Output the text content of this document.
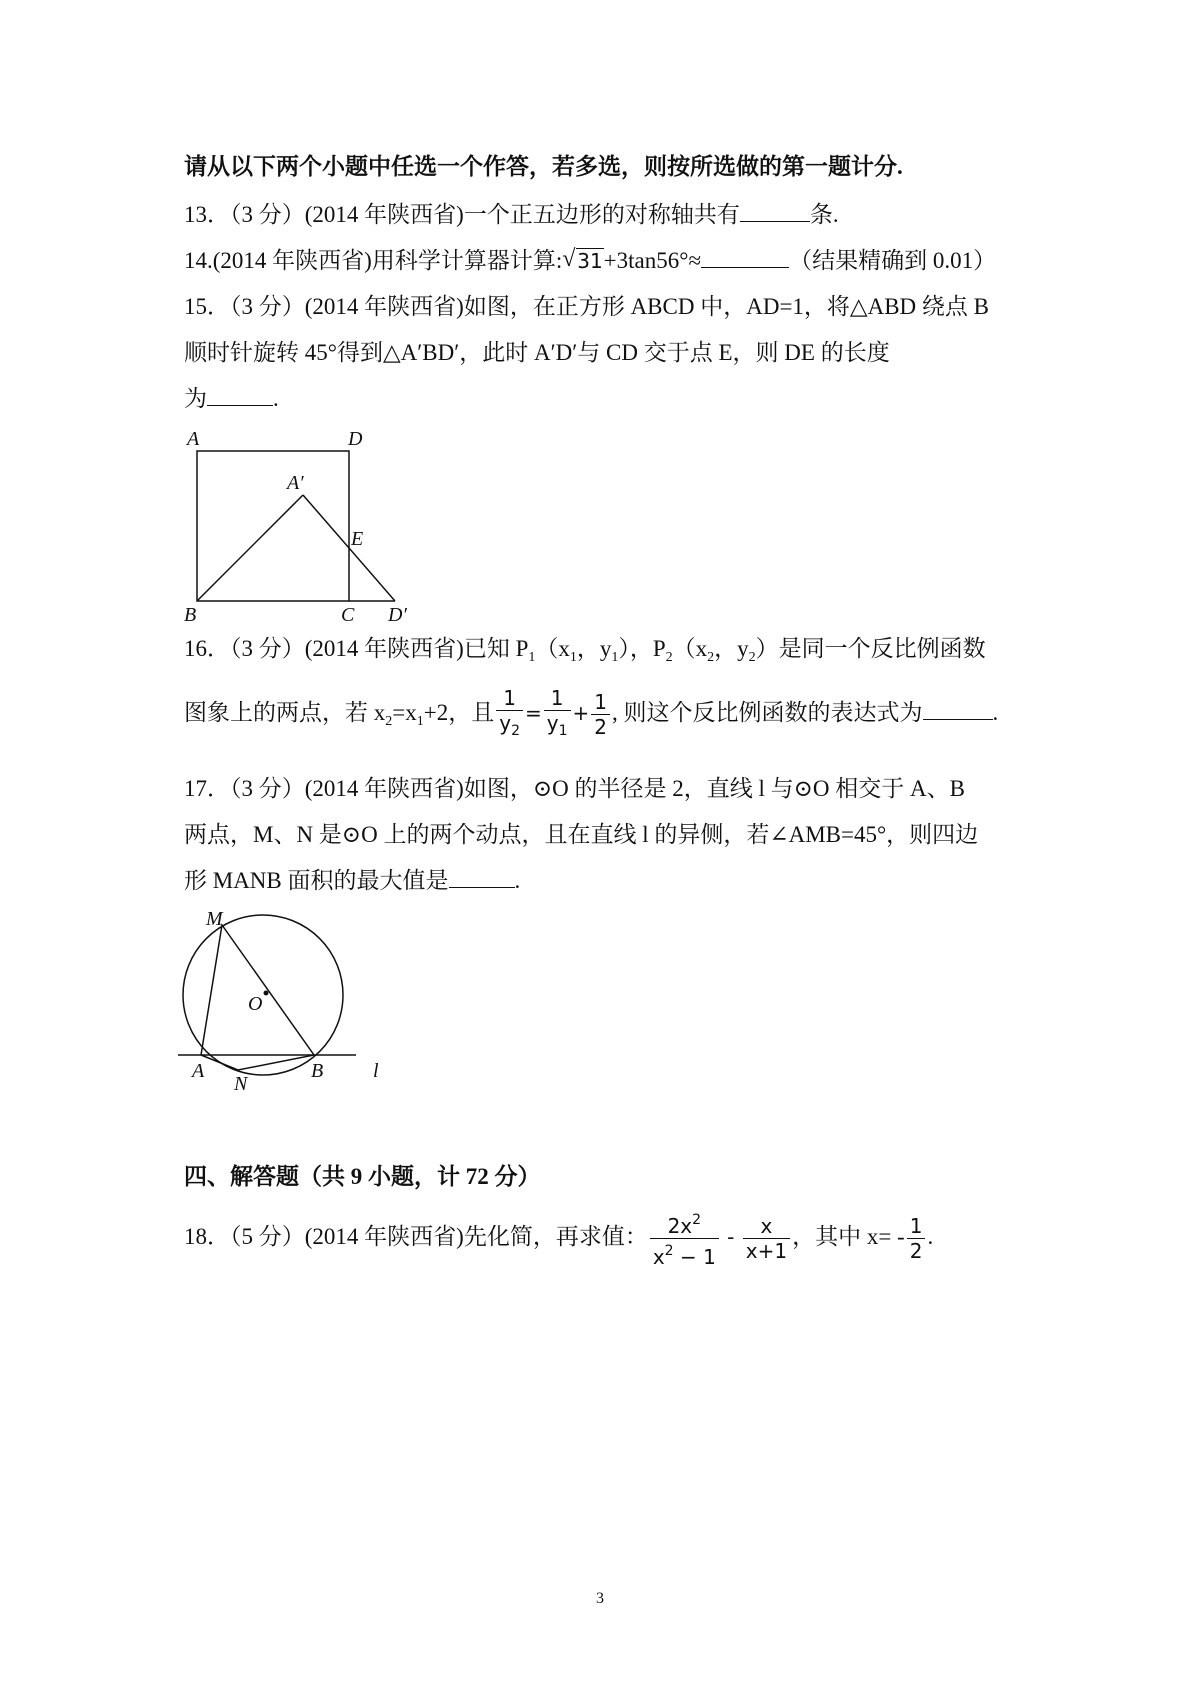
请从以下两个小题中任选一个作答，若多选，则按所选做的第一题计分.
13．（3 分）(2014 年陕西省)一个正五边形的对称轴共有	条.
14.(2014 年陕西省)用科学计算器计算: √ 31+3tan56°≈	（结果精确到 0.01）
15．（3 分）(2014 年陕西省)如图，在正方形 ABCD 中，AD=1，将△ABD 绕点 B
顺时针旋转 45°得到△A′BD′，此时 A′D′与 CD 交于点 E，则 DE 的长度
为	.
A	D
A′
E
B	C D′
16．（3 分）(2014 年陕西省)已知 $P_1(x_1$，$y_1$），$P_2(x_2$，$y_2$）是同一个反比例函数
图象上的两点，若 $x_2=x_1+2$，且 $\frac{1}{y_2} = \frac{1}{y_1} + \frac{1}{2}$ , 则这个反比例函数的表达式为	.
17．（3 分）(2014 年陕西省)如图，⊙O 的半径是 2，直线 l 与⊙O 相交于 A、B
两点，M、N 是⊙O 上的两个动点，且在直线 l 的异侧，若∠AMB=45°，则四边
形 MANB 面积的最大值是	.
M
O
A	B
N
l
四、解答题（共 9 小题，计 72 分）
18．（5 分）(2014 年陕西省)先化简，再求值： $\frac{2x^2}{x^2 - 1} - \frac{x}{x+1}$ ，其中 $x= - \frac{1}{2}$ .
3
